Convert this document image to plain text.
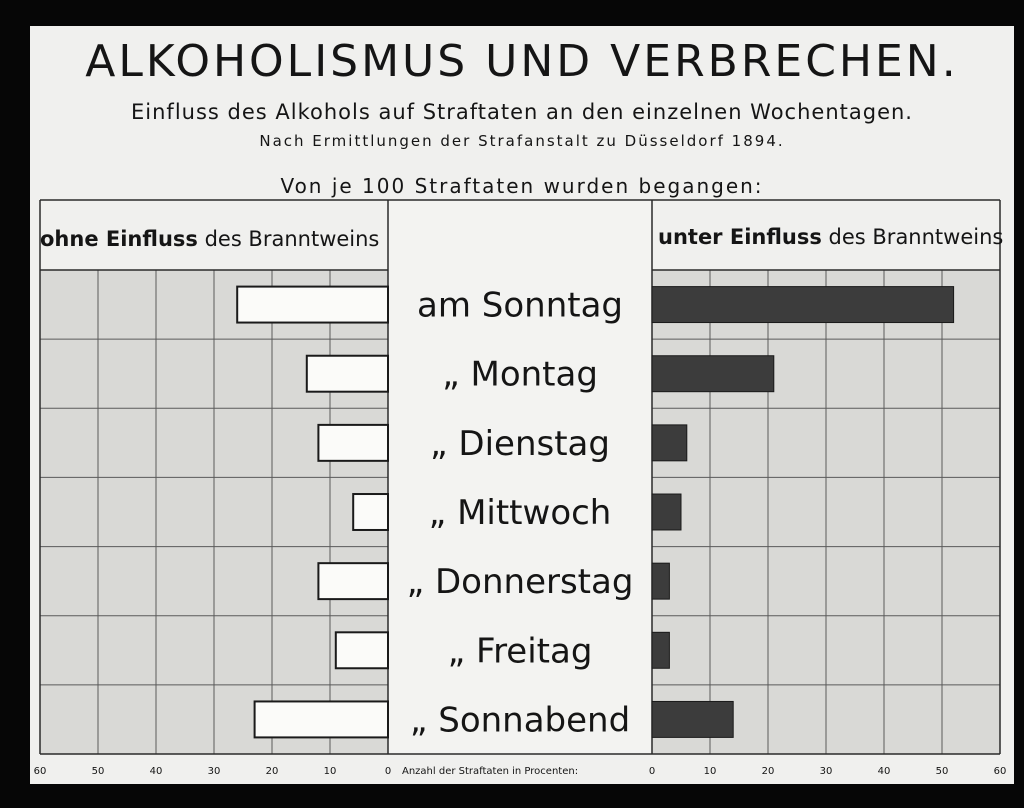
ALKOHOLISMUS UND VERBRECHEN.
Einfluss des Alkohols auf Straftaten an den einzelnen Wochentagen.
Nach Ermittlungen der Strafanstalt zu Düsseldorf 1894.
Von je 100 Straftaten wurden begangen:
am Sonntag
„ Montag
„ Dienstag
„ Mittwoch
„ Donnerstag
„ Freitag
„ Sonnabend
60	50	40	30	20	10	0	0	10	20	30	40	50	60
ohne Einfluss des Branntweins	unter Einfluss des Branntweins
Anzahl der Straftaten in Procenten:
